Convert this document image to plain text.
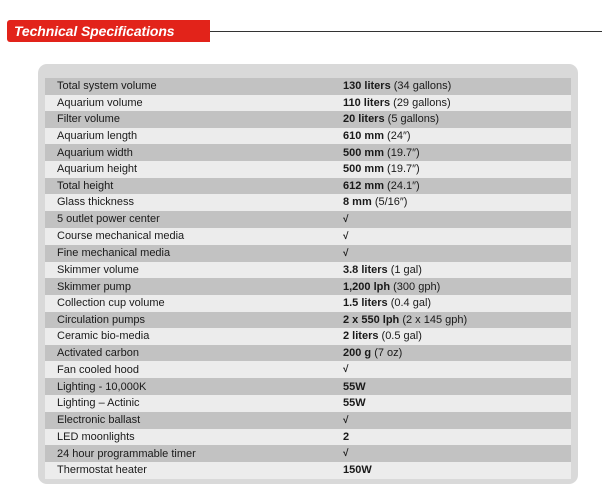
Technical Specifications
Total system volume	130 liters (34 gallons)
Aquarium volume	110 liters (29 gallons)
Filter volume	20 liters (5 gallons)
Aquarium length	610 mm (24″)
Aquarium width	500 mm (19.7″)
Aquarium height	500 mm (19.7″)
Total height	612 mm (24.1″)
Glass thickness	8 mm (5/16″)
5 outlet power center	√
Course mechanical media	√
Fine mechanical media	√
Skimmer volume	3.8 liters (1 gal)
Skimmer pump	1,200 lph (300 gph)
Collection cup volume	1.5 liters (0.4 gal)
Circulation pumps	2 x 550 lph (2 x 145 gph)
Ceramic bio-media	2 liters (0.5 gal)
Activated carbon	200 g (7 oz)
Fan cooled hood	√
Lighting - 10,000K	55W
Lighting – Actinic	55W
Electronic ballast	√
LED moonlights	2
24 hour programmable timer	√
Thermostat heater	150W
